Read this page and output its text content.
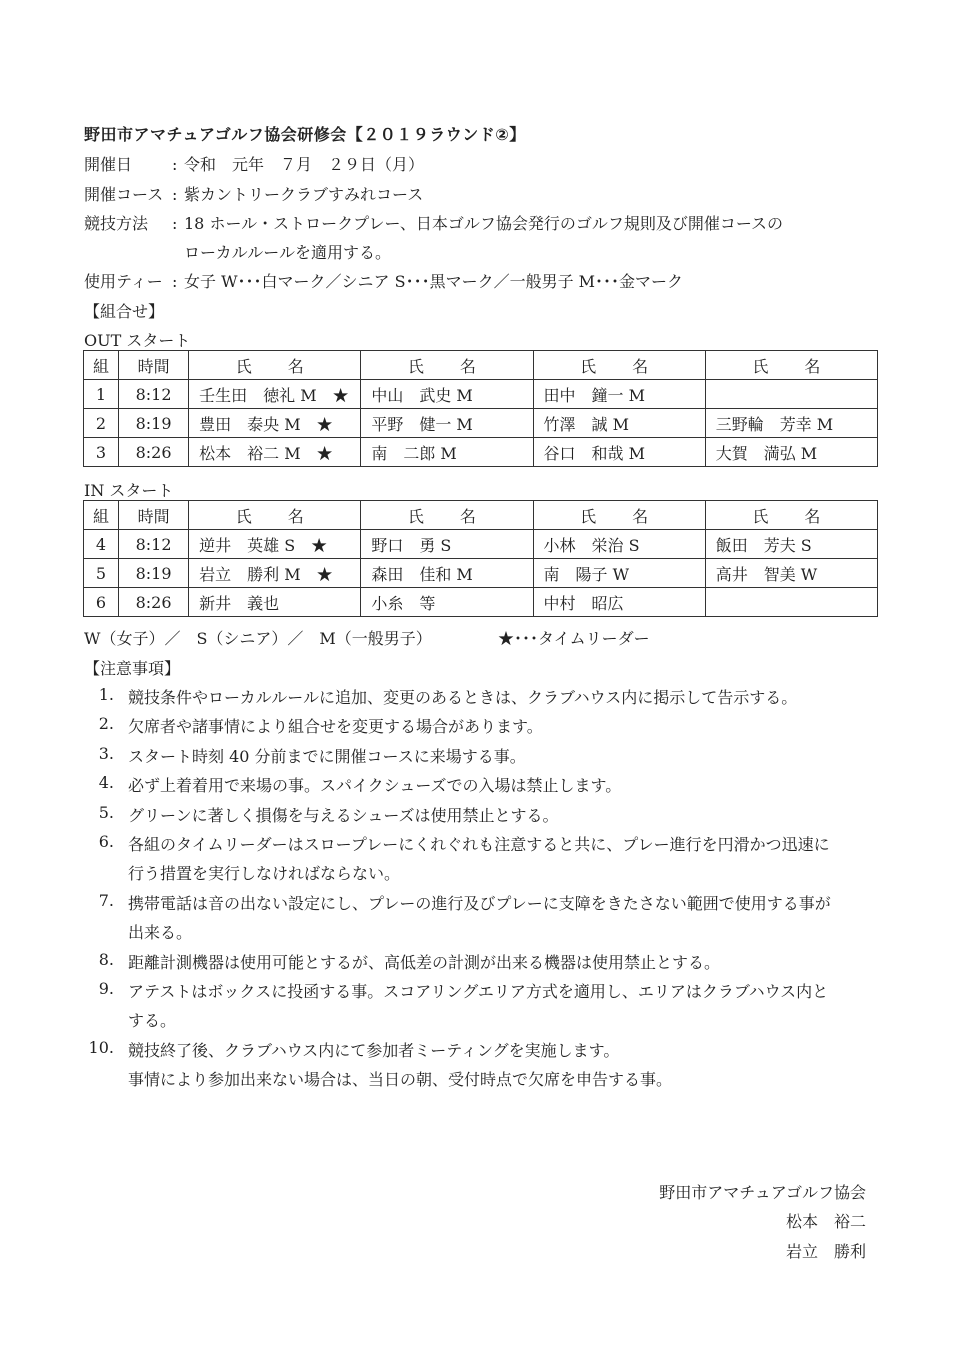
野田市アマチュアゴルフ協会研修会【２０１９ラウンド②】
開催日 : 令和　元年　７月　２９日（月）
開催コース : 紫カントリークラブすみれコース
競技方法 : 18 ホール・ストロークプレー、日本ゴルフ協会発行のゴルフ規則及び開催コースの
ローカルルールを適用する。
使用ティー : 女子 W･･･白マーク／シニア S･･･黒マーク／一般男子 M･･･金マーク
【組合せ】
OUT スタート
組	時間	氏　名	氏　名	氏　名	氏　名
1	8:12	壬生田　徳礼 M　★	中山　武史 M	田中　鐘一 M	
2	8:19	豊田　泰央 M　★	平野　健一 M	竹澤　誠 M	三野輪　芳幸 M
3	8:26	松本　裕二 M　★	南　二郎 M	谷口　和哉 M	大賀　満弘 M
IN スタート
組	時間	氏　名	氏　名	氏　名	氏　名
4	8:12	逆井　英雄 S　★	野口　勇 S	小林　栄治 S	飯田　芳夫 S
5	8:19	岩立　勝利 M　★	森田　佳和 M	南　陽子 W	高井　智美 W
6	8:26	新井　義也	小糸　等	中村　昭広	
W（女子）／　S（シニア）／　M（一般男子）	★･･･タイムリーダー
【注意事項】
1. 競技条件やローカルルールに追加、変更のあるときは、クラブハウス内に掲示して告示する。
2. 欠席者や諸事情により組合せを変更する場合があります。
3. スタート時刻 40 分前までに開催コースに来場する事。
4. 必ず上着着用で来場の事。スパイクシューズでの入場は禁止します。
5. グリーンに著しく損傷を与えるシューズは使用禁止とする。
6. 各組のタイムリーダーはスロープレーにくれぐれも注意すると共に、プレー進行を円滑かつ迅速に
行う措置を実行しなければならない。
7. 携帯電話は音の出ない設定にし、プレーの進行及びプレーに支障をきたさない範囲で使用する事が
出来る。
8. 距離計測機器は使用可能とするが、高低差の計測が出来る機器は使用禁止とする。
9. アテストはボックスに投函する事。スコアリングエリア方式を適用し、エリアはクラブハウス内と
する。
10. 競技終了後、クラブハウス内にて参加者ミーティングを実施します。
事情により参加出来ない場合は、当日の朝、受付時点で欠席を申告する事。
野田市アマチュアゴルフ協会
松本　裕二
岩立　勝利
